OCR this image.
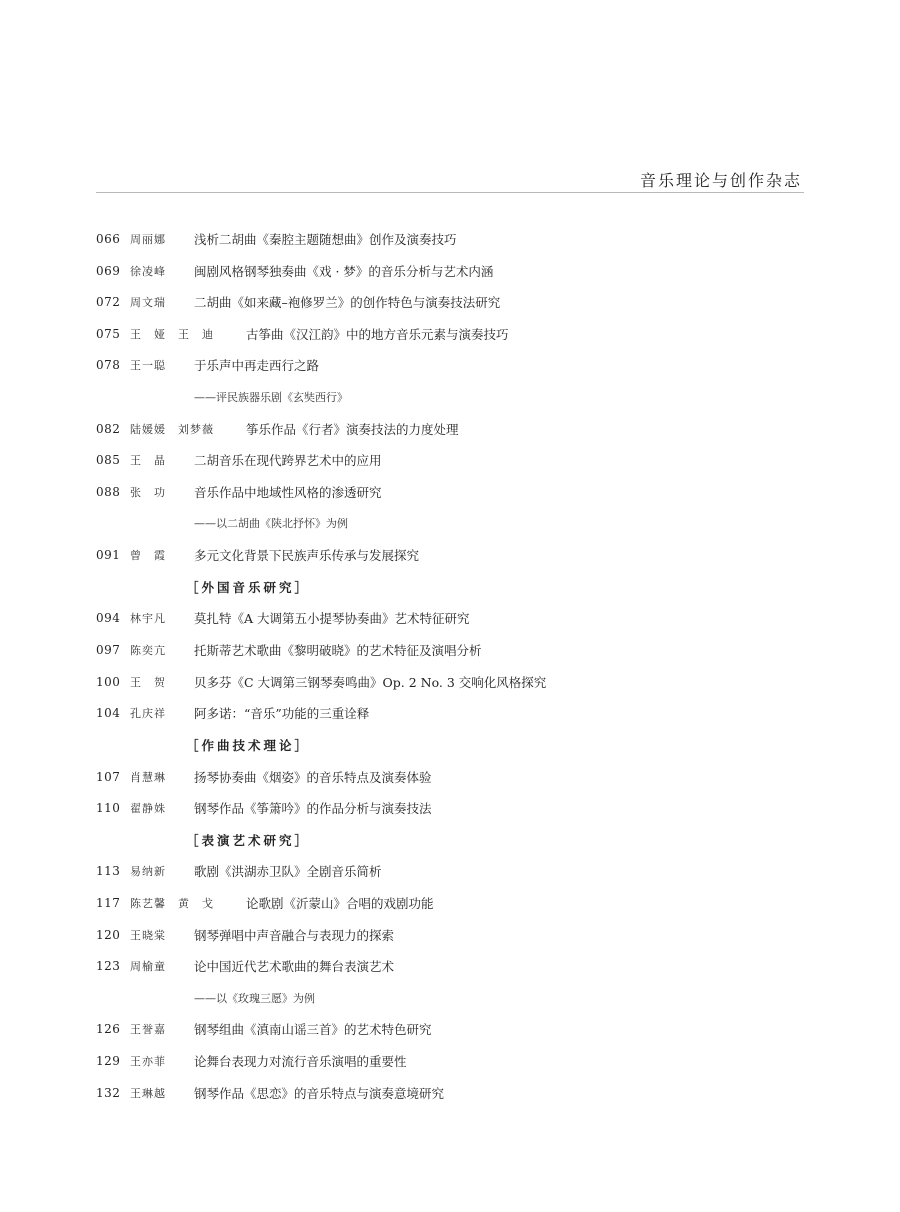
音乐理论与创作杂志
066 周丽娜 浅析二胡曲《秦腔主题随想曲》创作及演奏技巧
069 徐凌峰 闽剧风格钢琴独奏曲《戏 · 梦》的音乐分析与艺术内涵
072 周文瑞 二胡曲《如来藏–袍修罗兰》的创作特色与演奏技法研究
075 王　娅　王　迪	古筝曲《汉江韵》中的地方音乐元素与演奏技巧
078 王一聪 于乐声中再走西行之路
——评民族器乐剧《玄奘西行》
082 陆媛媛　刘梦薇	筝乐作品《行者》演奏技法的力度处理
085 王　晶 二胡音乐在现代跨界艺术中的应用
088 张　功 音乐作品中地域性风格的渗透研究
——以二胡曲《陕北抒怀》为例
091 曾　霞 多元文化背景下民族声乐传承与发展探究
［外国音乐研究］
094 林宇凡 莫扎特《A 大调第五小提琴协奏曲》艺术特征研究
097 陈奕亢 托斯蒂艺术歌曲《黎明破晓》的艺术特征及演唱分析
100 王　贺 贝多芬《C 大调第三钢琴奏鸣曲》Op. 2 No. 3 交响化风格探究
104 孔庆祥 阿多诺：“音乐”功能的三重诠释
［作曲技术理论］
107 肖慧琳 扬琴协奏曲《烟姿》的音乐特点及演奏体验
110 翟静姝 钢琴作品《筝箫吟》的作品分析与演奏技法
［表演艺术研究］
113 易纳新 歌剧《洪湖赤卫队》全剧音乐简析
117 陈艺馨　黄　戈	论歌剧《沂蒙山》合唱的戏剧功能
120 王晓棠 钢琴弹唱中声音融合与表现力的探索
123 周榆童 论中国近代艺术歌曲的舞台表演艺术
——以《玫瑰三愿》为例
126 王誉嘉 钢琴组曲《滇南山谣三首》的艺术特色研究
129 王亦菲 论舞台表现力对流行音乐演唱的重要性
132 王琳越 钢琴作品《思恋》的音乐特点与演奏意境研究
